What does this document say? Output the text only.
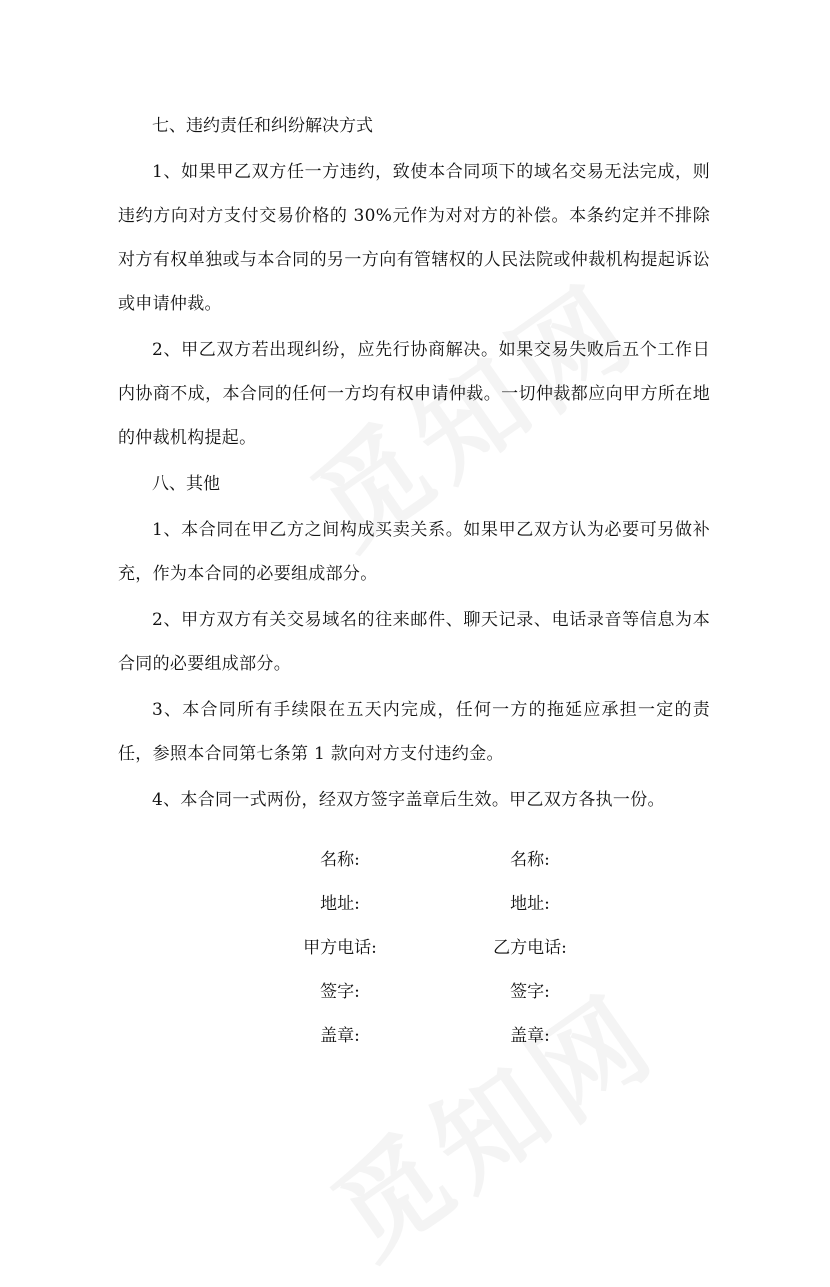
七、违约责任和纠纷解决方式

1、如果甲乙双方任一方违约，致使本合同项下的域名交易无法完成，则违约方向对方支付交易价格的 30%元作为对对方的补偿。本条约定并不排除对方有权单独或与本合同的另一方向有管辖权的人民法院或仲裁机构提起诉讼或申请仲裁。

2、甲乙双方若出现纠纷，应先行协商解决。如果交易失败后五个工作日内协商不成，本合同的任何一方均有权申请仲裁。一切仲裁都应向甲方所在地的仲裁机构提起。

八、其他

1、本合同在甲乙方之间构成买卖关系。如果甲乙双方认为必要可另做补充，作为本合同的必要组成部分。

2、甲方双方有关交易域名的往来邮件、聊天记录、电话录音等信息为本合同的必要组成部分。

3、本合同所有手续限在五天内完成，任何一方的拖延应承担一定的责任，参照本合同第七条第 1 款向对方支付违约金。

4、本合同一式两份，经双方签字盖章后生效。甲乙双方各执一份。

名称:	名称:
地址:	地址:
甲方电话:	乙方电话:
签字:	签字:
盖章:	盖章:
